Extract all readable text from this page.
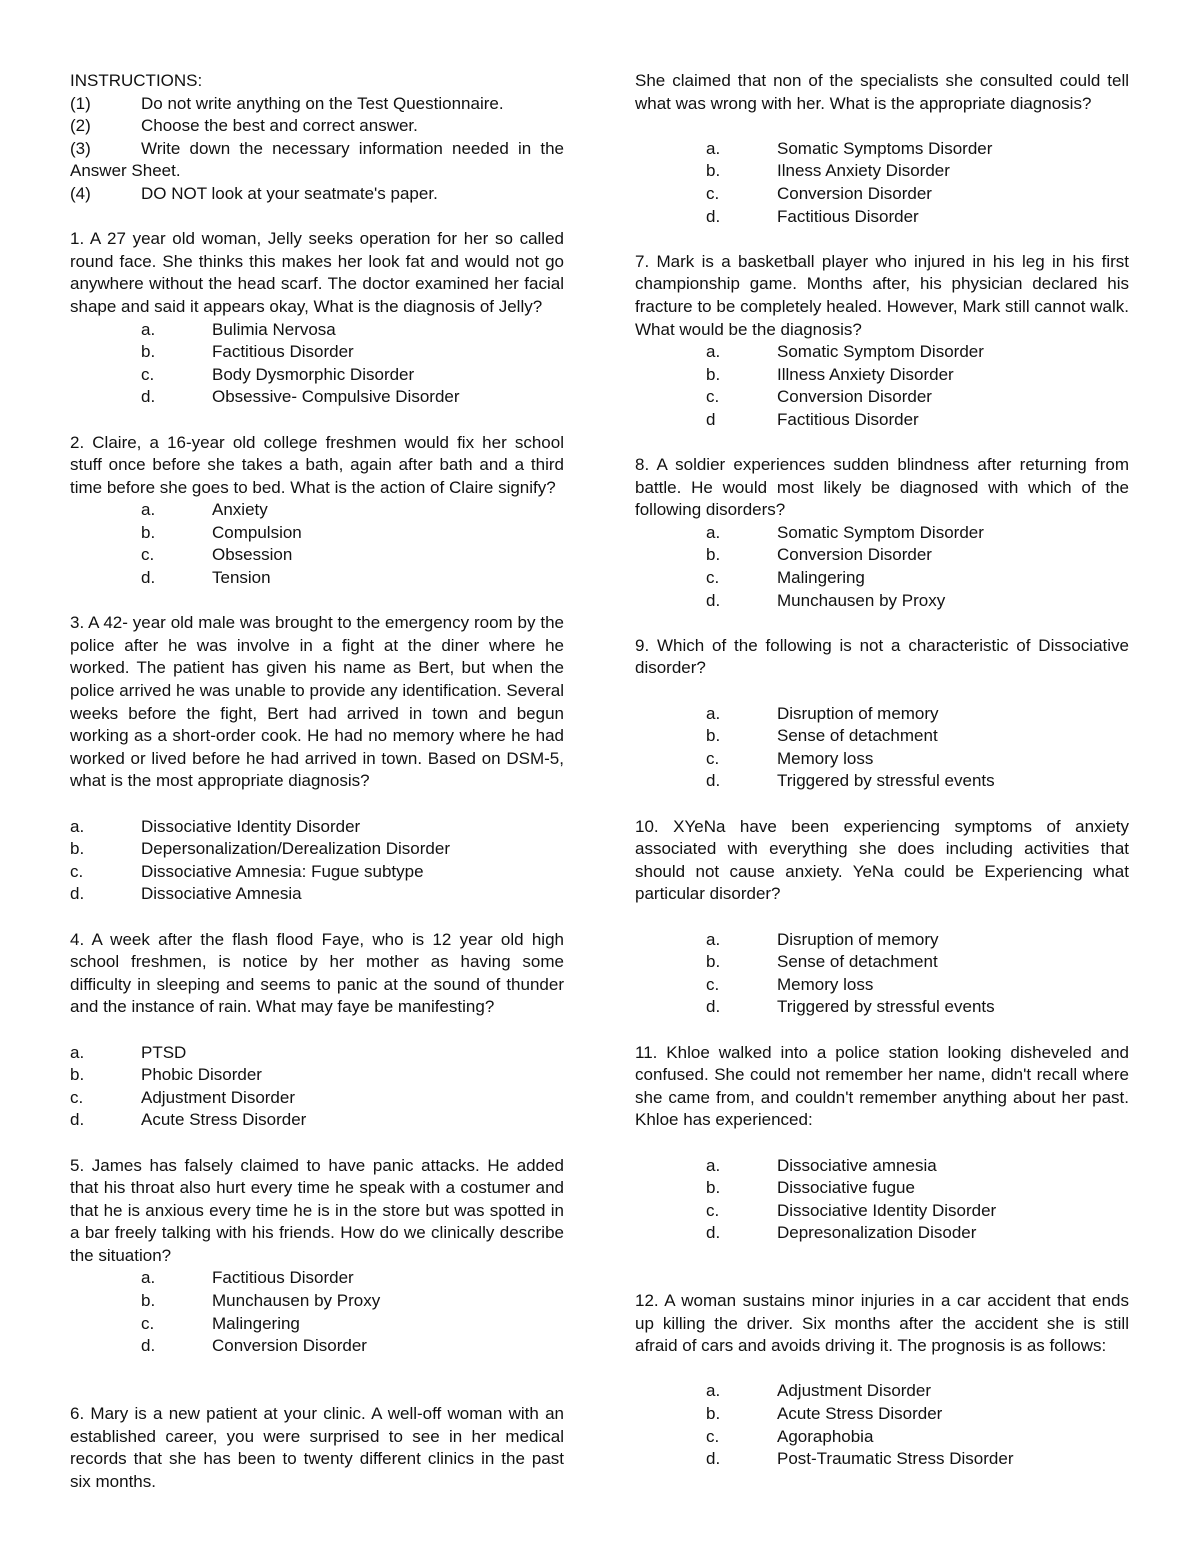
INSTRUCTIONS:

(1)	Do not write anything on the Test Questionnaire.
(2)	Choose the best and correct answer.
(3)	Write down the necessary information needed in the

Answer Sheet.

(4)	DO NOT look at your seatmate's paper.

1. A 27 year old woman, Jelly seeks operation for her so called round face. She thinks this makes her look fat and would not go anywhere without the head scarf. The doctor examined her facial shape and said it appears okay, What is the diagnosis of Jelly?

a.	Bulimia Nervosa
b.	Factitious Disorder
c.	Body Dysmorphic Disorder
d.	Obsessive- Compulsive Disorder

2. Claire, a 16-year old college freshmen would fix her school stuff once before she takes a bath, again after bath and a third time before she goes to bed. What is the action of Claire signify?

a.	Anxiety
b.	Compulsion
c.	Obsession
d.	Tension

3. A 42- year old male was brought to the emergency room by the police after he was involve in a fight at the diner where he worked. The patient has given his name as Bert, but when the police arrived he was unable to provide any identification. Several weeks before the fight, Bert had arrived in town and begun working as a short-order cook. He had no memory where he had worked or lived before he had arrived in town. Based on DSM-5, what is the most appropriate diagnosis?

a.	Dissociative Identity Disorder
b.	Depersonalization/Derealization Disorder
c.	Dissociative Amnesia: Fugue subtype
d.	Dissociative Amnesia

4. A week after the flash flood Faye, who is 12 year old high school freshmen, is notice by her mother as having some difficulty in sleeping and seems to panic at the sound of thunder and the instance of rain. What may faye be manifesting?

a.	PTSD
b.	Phobic Disorder
c.	Adjustment Disorder
d.	Acute Stress Disorder

5. James has falsely claimed to have panic attacks. He added that his throat also hurt every time he speak with a costumer and that he is anxious every time he is in the store but was spotted in a bar freely talking with his friends. How do we clinically describe the situation?

a.	Factitious Disorder
b.	Munchausen by Proxy
c.	Malingering
d.	Conversion Disorder

6. Mary is a new patient at your clinic. A well-off woman with an established career, you were surprised to see in her medical records that she has been to twenty different clinics in the past six months.

She claimed that non of the specialists she consulted could tell what was wrong with her. What is the appropriate diagnosis?

a.	Somatic Symptoms Disorder
b.	Ilness Anxiety Disorder
c.	Conversion Disorder
d.	Factitious Disorder

7. Mark is a basketball player who injured in his leg in his first championship game. Months after, his physician declared his fracture to be completely healed. However, Mark still cannot walk. What would be the diagnosis?

a.	Somatic Symptom Disorder
b.	Illness Anxiety Disorder
c.	Conversion Disorder
d	Factitious Disorder

8. A soldier experiences sudden blindness after returning from battle. He would most likely be diagnosed with which of the following disorders?

a.	Somatic Symptom Disorder
b.	Conversion Disorder
c.	Malingering
d.	Munchausen by Proxy

9. Which of the following is not a characteristic of Dissociative disorder?

a.	Disruption of memory
b.	Sense of detachment
c.	Memory loss
d.	Triggered by stressful events

10. XYeNa have been experiencing symptoms of anxiety associated with everything she does including activities that should not cause anxiety. YeNa could be Experiencing what particular disorder?

a.	Disruption of memory
b.	Sense of detachment
c.	Memory loss
d.	Triggered by stressful events

11. Khloe walked into a police station looking disheveled and confused. She could not remember her name, didn't recall where she came from, and couldn't remember anything about her past. Khloe has experienced:

a.	Dissociative amnesia
b.	Dissociative fugue
c.	Dissociative Identity Disorder
d.	Depresonalization Disoder

12. A woman sustains minor injuries in a car accident that ends up killing the driver. Six months after the accident she is still afraid of cars and avoids driving it. The prognosis is as follows:

a.	Adjustment Disorder
b.	Acute Stress Disorder
c.	Agoraphobia
d.	Post-Traumatic Stress Disorder
